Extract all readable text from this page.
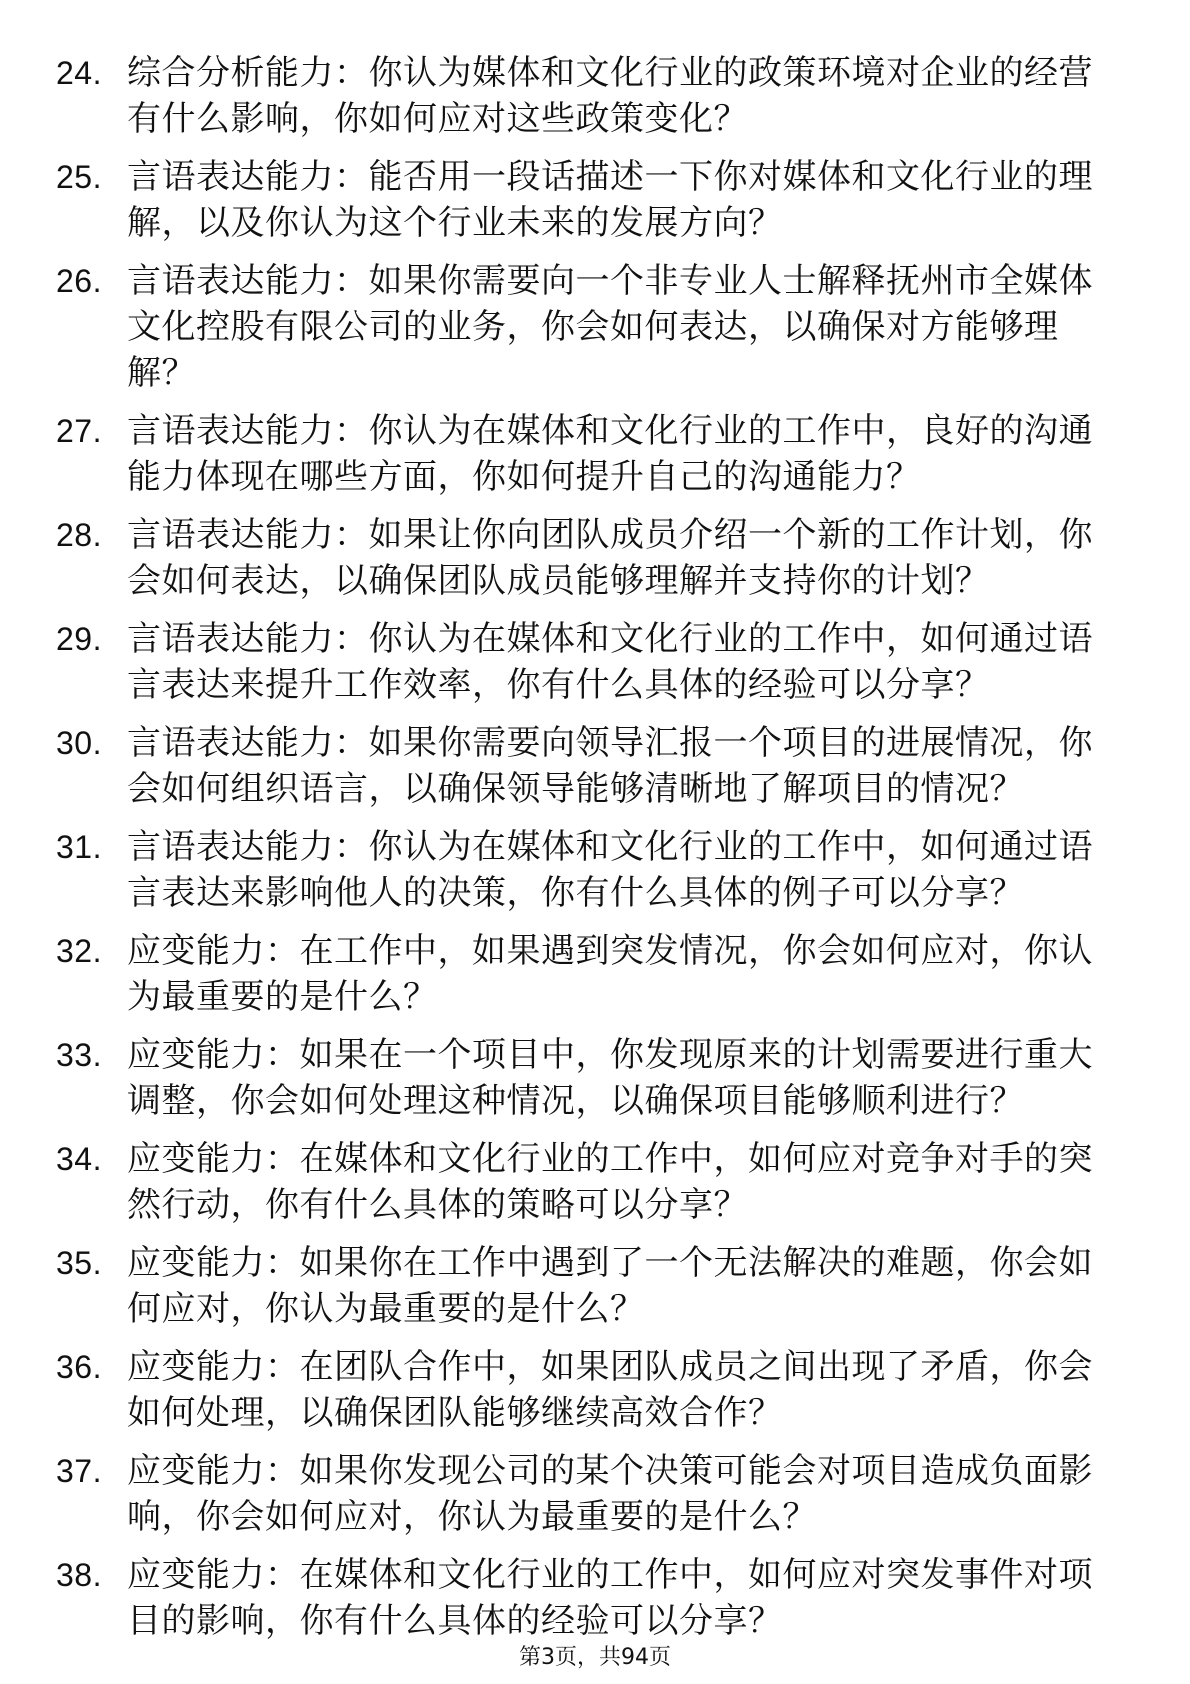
24. 综合分析能力：你认为媒体和文化行业的政策环境对企业的经营有什么影响，你如何应对这些政策变化？
25. 言语表达能力：能否用一段话描述一下你对媒体和文化行业的理解，以及你认为这个行业未来的发展方向？
26. 言语表达能力：如果你需要向一个非专业人士解释抚州市全媒体文化控股有限公司的业务，你会如何表达，以确保对方能够理解？
27. 言语表达能力：你认为在媒体和文化行业的工作中，良好的沟通能力体现在哪些方面，你如何提升自己的沟通能力？
28. 言语表达能力：如果让你向团队成员介绍一个新的工作计划，你会如何表达，以确保团队成员能够理解并支持你的计划？
29. 言语表达能力：你认为在媒体和文化行业的工作中，如何通过语言表达来提升工作效率，你有什么具体的经验可以分享？
30. 言语表达能力：如果你需要向领导汇报一个项目的进展情况，你会如何组织语言，以确保领导能够清晰地了解项目的情况？
31. 言语表达能力：你认为在媒体和文化行业的工作中，如何通过语言表达来影响他人的决策，你有什么具体的例子可以分享？
32. 应变能力：在工作中，如果遇到突发情况，你会如何应对，你认为最重要的是什么？
33. 应变能力：如果在一个项目中，你发现原来的计划需要进行重大调整，你会如何处理这种情况，以确保项目能够顺利进行？
34. 应变能力：在媒体和文化行业的工作中，如何应对竞争对手的突然行动，你有什么具体的策略可以分享？
35. 应变能力：如果你在工作中遇到了一个无法解决的难题，你会如何应对，你认为最重要的是什么？
36. 应变能力：在团队合作中，如果团队成员之间出现了矛盾，你会如何处理，以确保团队能够继续高效合作？
37. 应变能力：如果你发现公司的某个决策可能会对项目造成负面影响，你会如何应对，你认为最重要的是什么？
38. 应变能力：在媒体和文化行业的工作中，如何应对突发事件对项目的影响，你有什么具体的经验可以分享？
第3页，共94页
